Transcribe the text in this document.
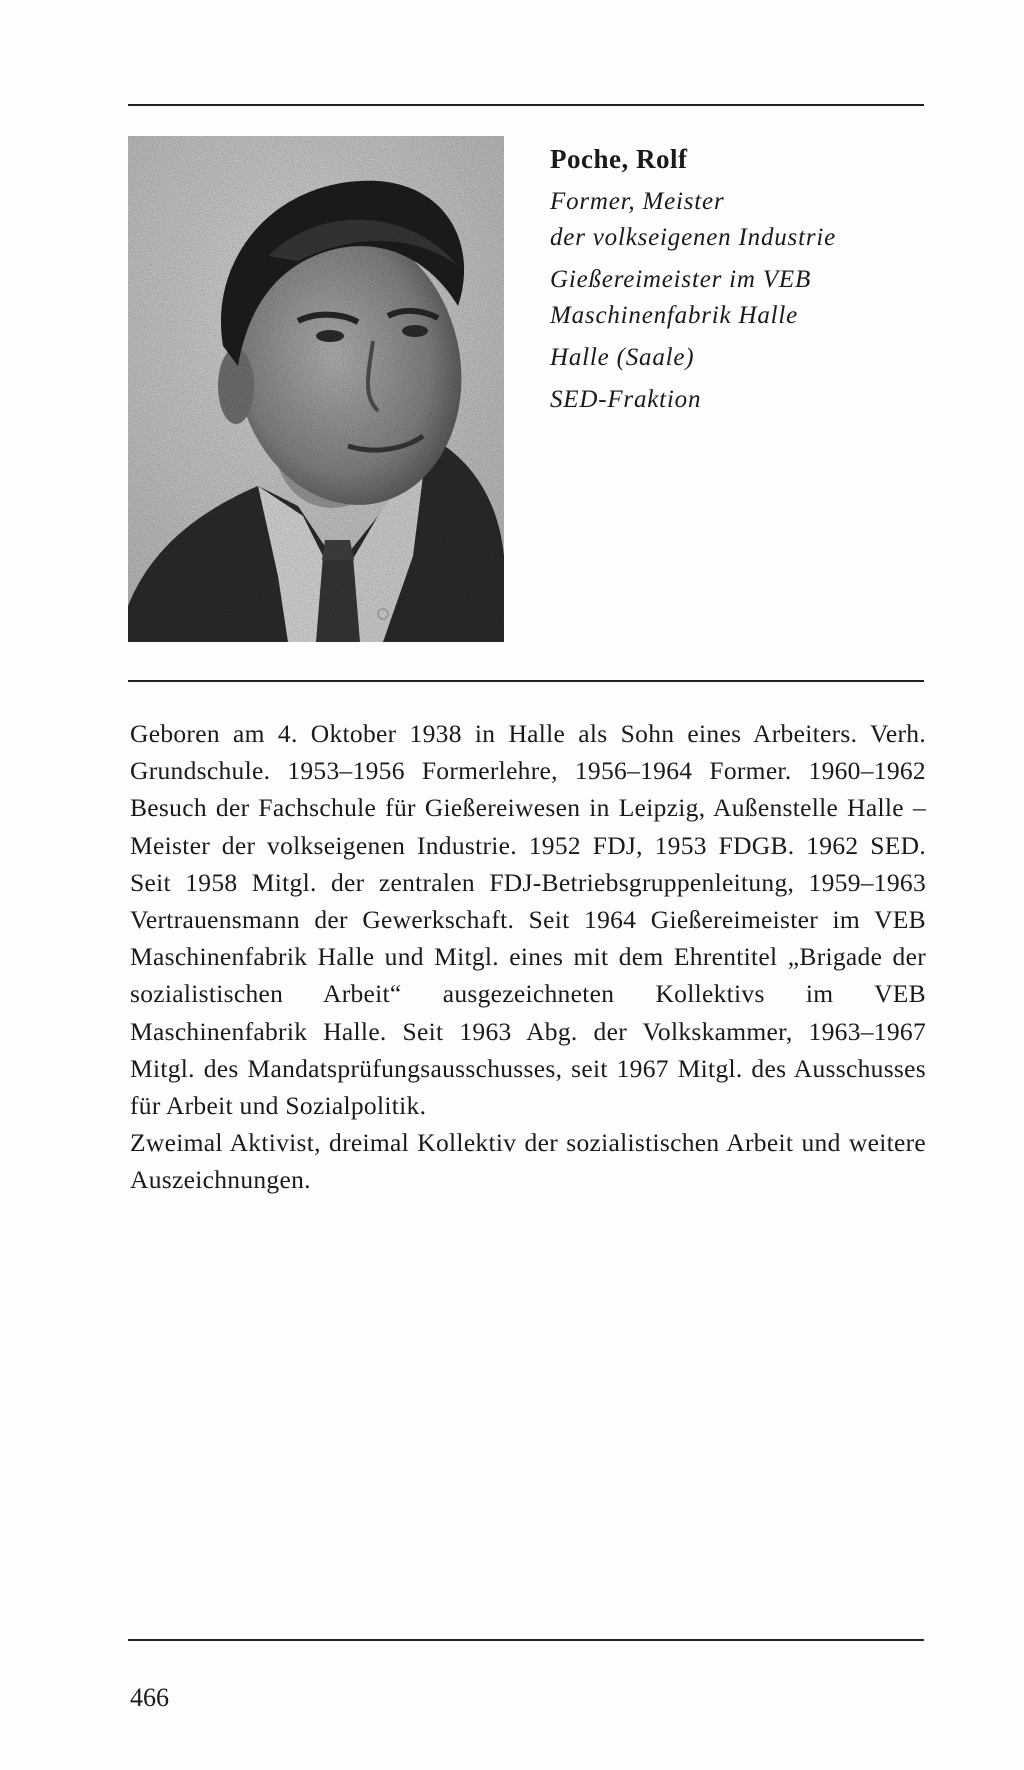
Poche, Rolf
Former, Meister
der volkseigenen Industrie
Gießereimeister im VEB
Maschinenfabrik Halle
Halle (Saale)
SED-Fraktion

Geboren am 4. Oktober 1938 in Halle als Sohn eines Arbeiters. Verh. Grundschule. 1953–1956 Formerlehre, 1956–1964 Former. 1960–1962 Besuch der Fachschule für Gießereiwesen in Leipzig, Außenstelle Halle – Meister der volkseigenen Industrie. 1952 FDJ, 1953 FDGB. 1962 SED. Seit 1958 Mitgl. der zentralen FDJ-Betriebsgruppenleitung, 1959–1963 Vertrauensmann der Gewerkschaft. Seit 1964 Gießereimeister im VEB Maschinenfabrik Halle und Mitgl. eines mit dem Ehrentitel „Brigade der sozialistischen Arbeit“ ausgezeichneten Kollektivs im VEB Maschinenfabrik Halle. Seit 1963 Abg. der Volkskammer, 1963–1967 Mitgl. des Mandatsprüfungsausschusses, seit 1967 Mitgl. des Ausschusses für Arbeit und Sozialpolitik.

Zweimal Aktivist, dreimal Kollektiv der sozialistischen Arbeit und weitere Auszeichnungen.

466
